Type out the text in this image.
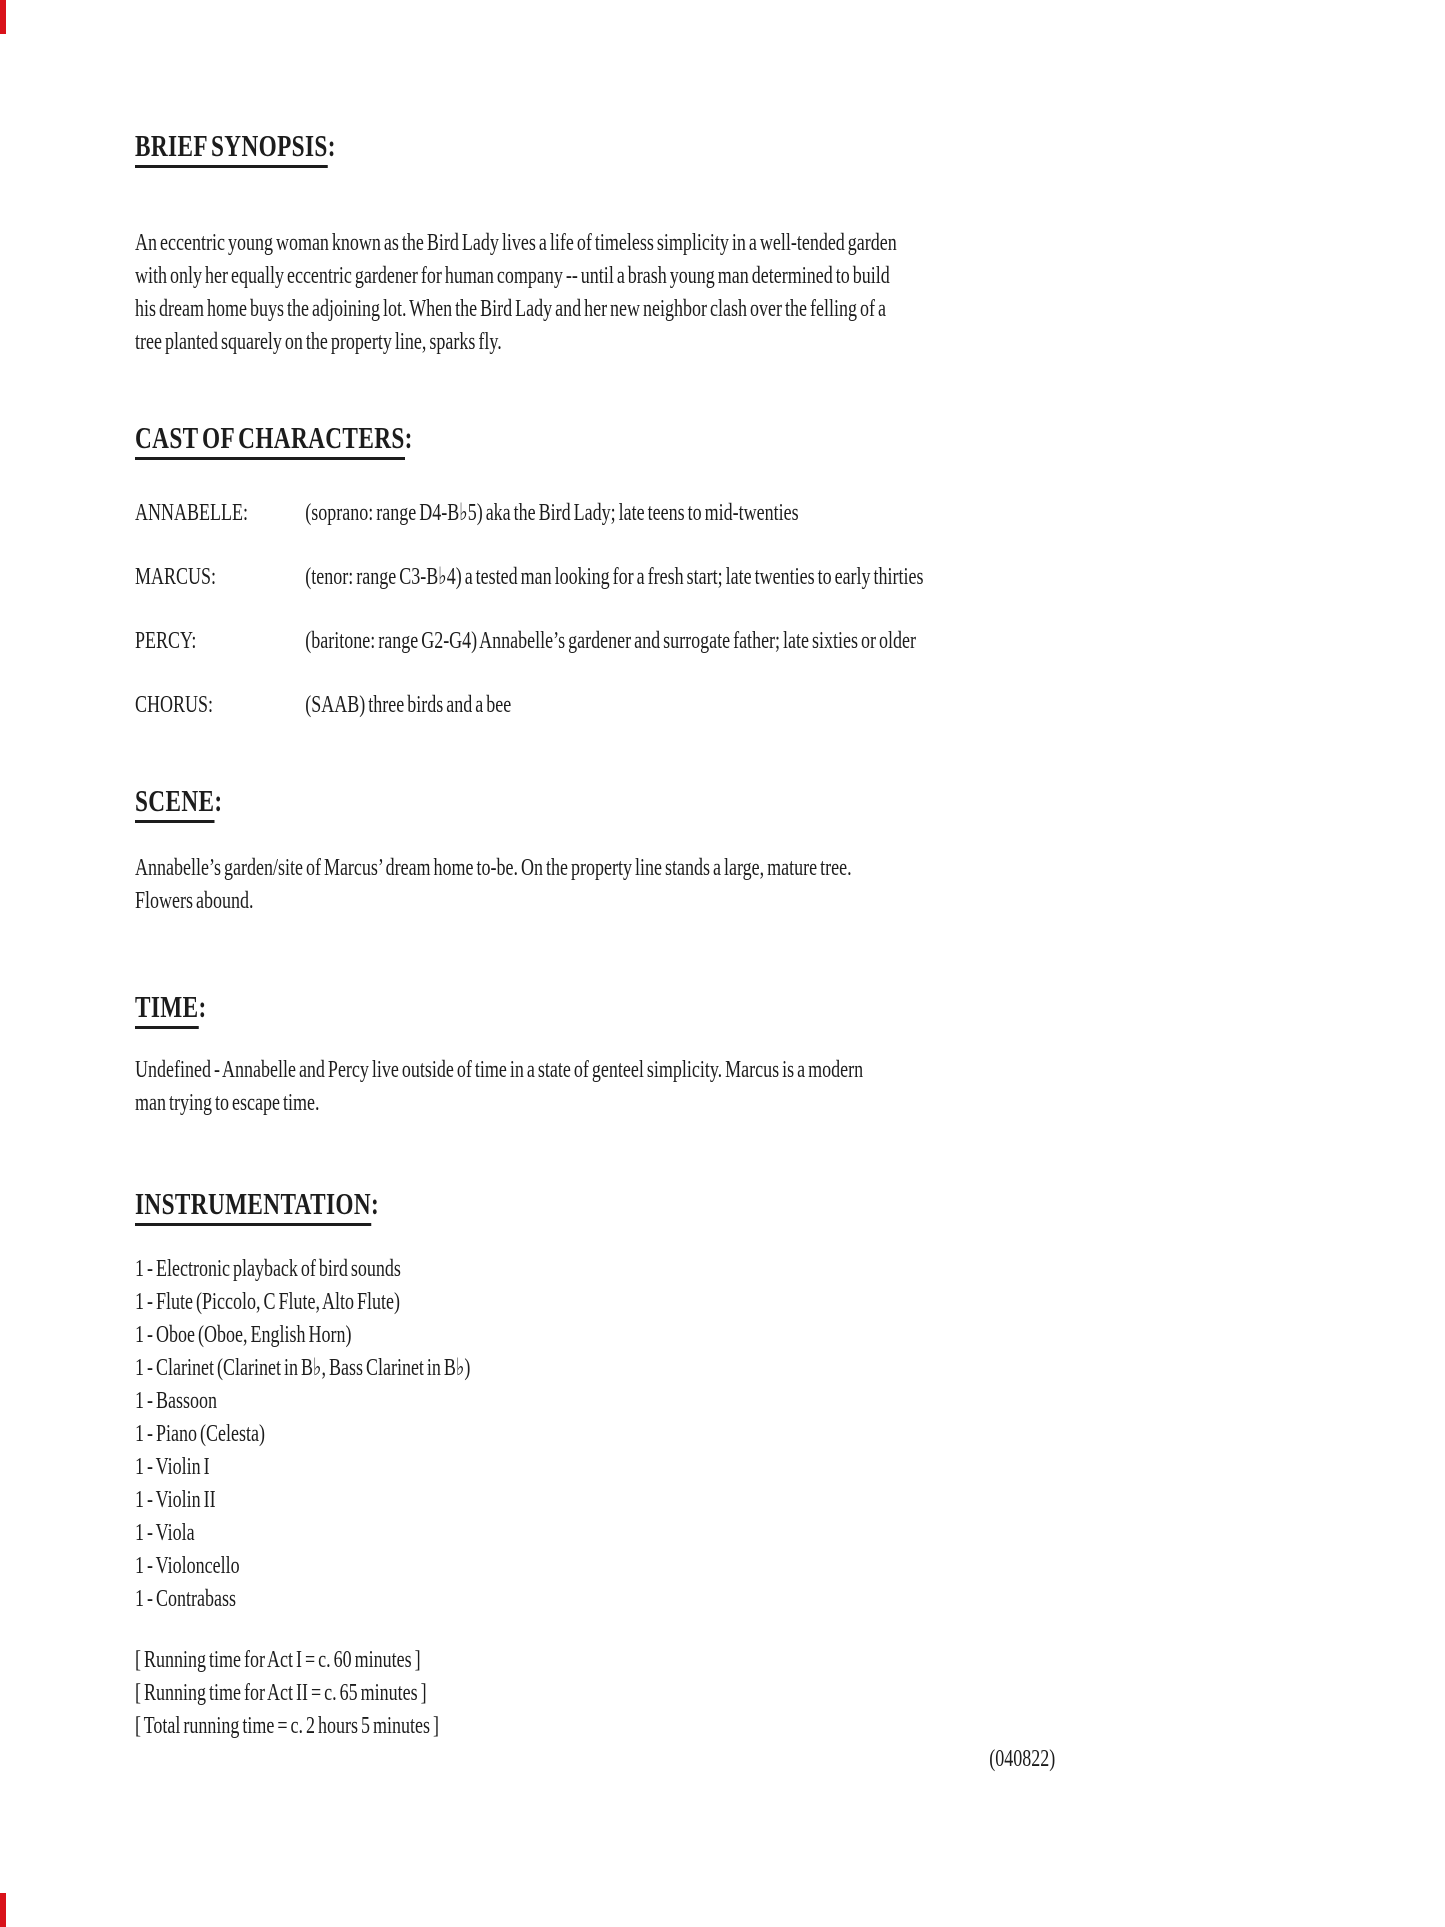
BRIEF SYNOPSIS:

An eccentric young woman known as the Bird Lady lives a life of timeless simplicity in a well-tended garden
with only her equally eccentric gardener for human company -- until a brash young man determined to build
his dream home buys the adjoining lot. When the Bird Lady and her new neighbor clash over the felling of a
tree planted squarely on the property line, sparks fly.

CAST OF CHARACTERS:
ANNABELLE:	(soprano: range D4-B♭5) aka the Bird Lady; late teens to mid-twenties
MARCUS:	(tenor: range C3-B♭4) a tested man looking for a fresh start; late twenties to early thirties
PERCY:	(baritone: range G2-G4) Annabelle’s gardener and surrogate father; late sixties or older
CHORUS:	(SAAB) three birds and a bee
SCENE:

Annabelle’s garden/site of Marcus’ dream home to-be. On the property line stands a large, mature tree.
Flowers abound.

TIME:

Undefined - Annabelle and Percy live outside of time in a state of genteel simplicity. Marcus is a modern
man trying to escape time.

INSTRUMENTATION:
1 - Electronic playback of bird sounds
1 - Flute (Piccolo, C Flute, Alto Flute)
1 - Oboe (Oboe, English Horn)
1 - Clarinet (Clarinet in B♭, Bass Clarinet in B♭)
1 - Bassoon
1 - Piano (Celesta)
1 - Violin I
1 - Violin II
1 - Viola
1 - Violoncello
1 - Contrabass
[ Running time for Act I = c. 60 minutes ]
[ Running time for Act II = c. 65 minutes ]
[ Total running time = c. 2 hours 5 minutes ]
(040822)
